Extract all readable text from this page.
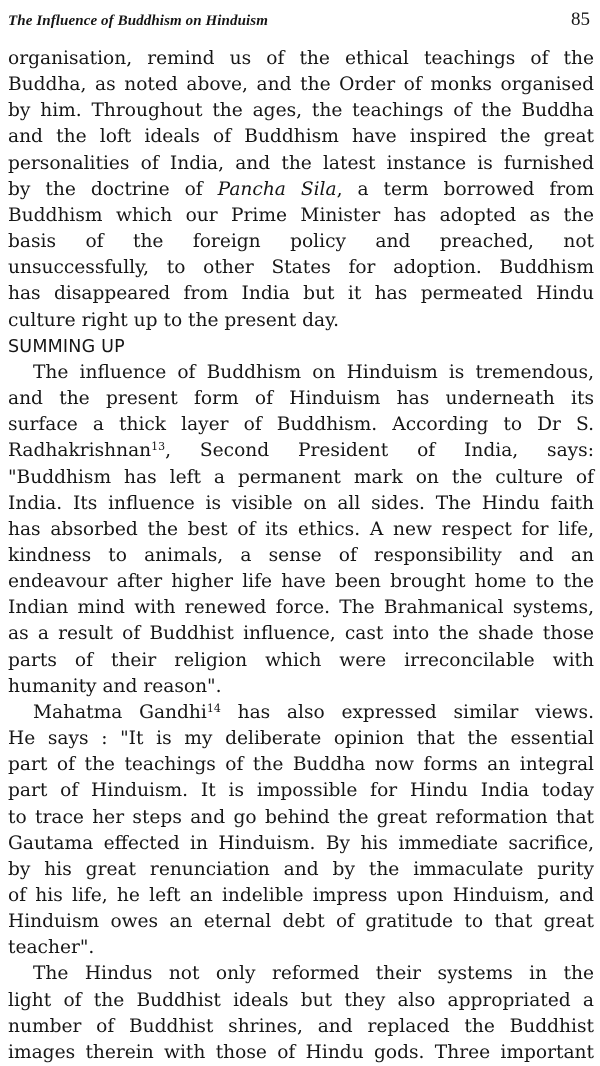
The Influence of Buddhism on Hinduism	85

organisation, remind us of the ethical teachings of the
Buddha, as noted above, and the Order of monks organised
by him. Throughout the ages, the teachings of the Buddha
and the loft ideals of Buddhism have inspired the great
personalities of India, and the latest instance is furnished
by the doctrine of Pancha Sila, a term borrowed from
Buddhism which our Prime Minister has adopted as the
basis of the foreign policy and preached, not
unsuccessfully, to other States for adoption. Buddhism
has disappeared from India but it has permeated Hindu
culture right up to the present day.

SUMMING UP

The influence of Buddhism on Hinduism is tremendous,
and the present form of Hinduism has underneath its
surface a thick layer of Buddhism. According to Dr S.
Radhakrishnan$^{13}$, Second President of India, says:
"Buddhism has left a permanent mark on the culture of
India. Its influence is visible on all sides. The Hindu faith
has absorbed the best of its ethics. A new respect for life,
kindness to animals, a sense of responsibility and an
endeavour after higher life have been brought home to the
Indian mind with renewed force. The Brahmanical systems,
as a result of Buddhist influence, cast into the shade those
parts of their religion which were irreconcilable with
humanity and reason".

Mahatma Gandhi$^{14}$ has also expressed similar views.
He says : "It is my deliberate opinion that the essential
part of the teachings of the Buddha now forms an integral
part of Hinduism. It is impossible for Hindu India today
to trace her steps and go behind the great reformation that
Gautama effected in Hinduism. By his immediate sacrifice,
by his great renunciation and by the immaculate purity
of his life, he left an indelible impress upon Hinduism, and
Hinduism owes an eternal debt of gratitude to that great
teacher".

The Hindus not only reformed their systems in the
light of the Buddhist ideals but they also appropriated a
number of Buddhist shrines, and replaced the Buddhist
images therein with those of Hindu gods. Three important
